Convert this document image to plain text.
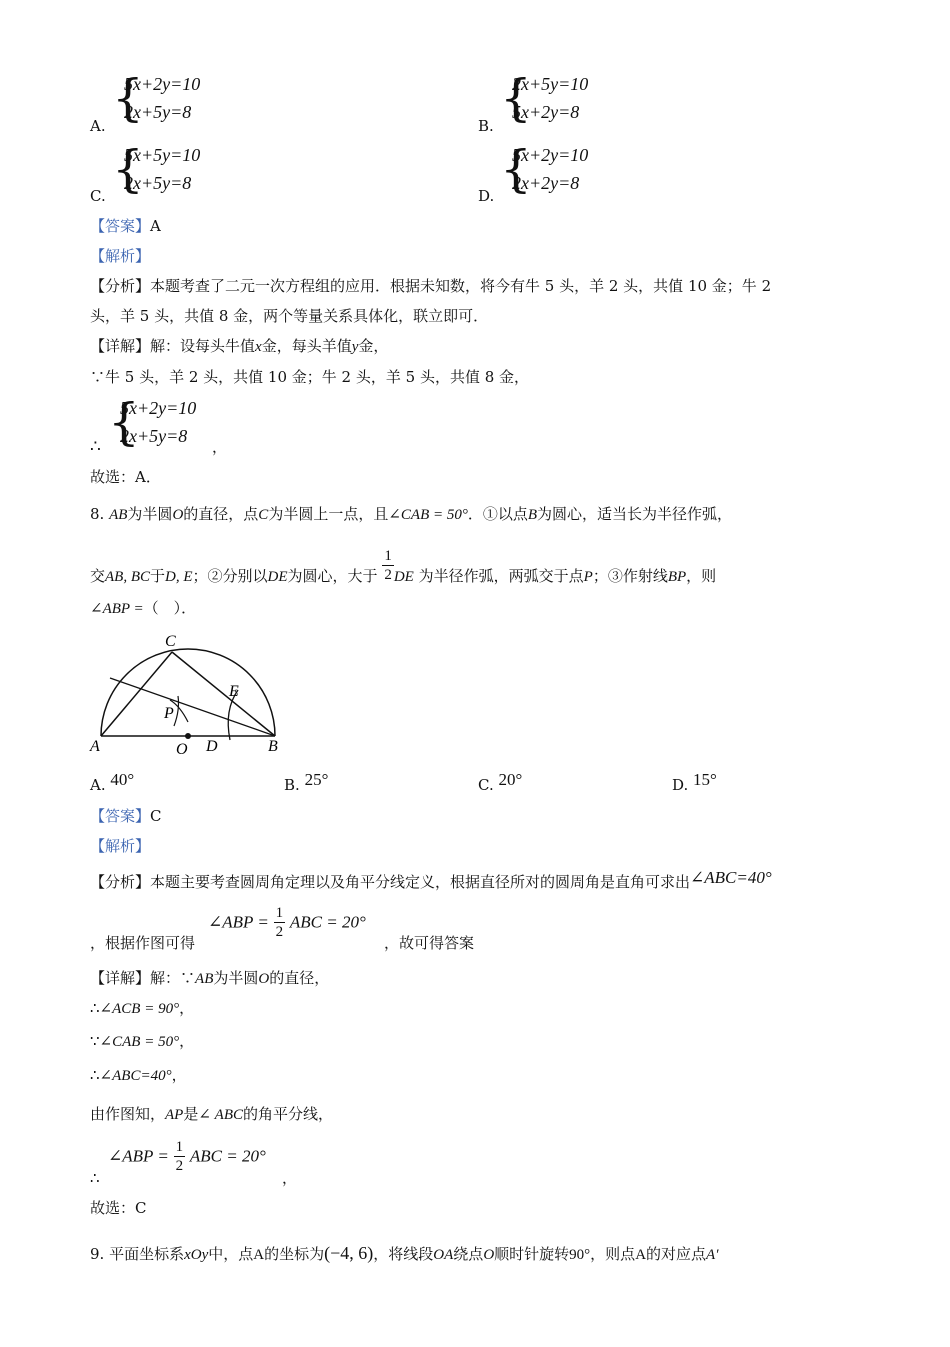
{
5x+2y=10
2x+5y=8
A.	{
2x+5y=10
5x+2y=8
B.
{
5x+5y=10
2x+5y=8
C.	{
5x+2y=10
2x+2y=8
D.
【答案】A
【解析】
【分析】本题考查了二元一次方程组的应用．根据未知数，将今有牛 5 头，羊 2 头，共值 10 金；牛 2
头，羊 5 头，共值 8 金，两个等量关系具体化，联立即可．
【详解】解：设每头牛值x金，每头羊值y金，
∵牛 5 头，羊 2 头，共值 10 金；牛 2 头，羊 5 头，共值 8 金，
∴ {
5x+2y=10
2x+5y=8
，
故选：A．
8. AB为半圆O的直径，点C为半圆上一点，且∠CAB = 50°．①以点B为圆心，适当长为半径作弧，
交AB, BC于D, E；②分别以DE为圆心，大于 $\frac{1}{2}$ DE 为半径作弧，两弧交于点P；③作射线BP，则
∠ABP =（　）．
C
E
P
A	O D	B
A. 40°	B. 25°	C. 20°	D. 15°
【答案】C
【解析】
【分析】本题主要考查圆周角定理以及角平分线定义，根据直径所对的圆周角是直角可求出∠ABC=40°
，根据作图可得
∠ABP = $\frac{1}{2}$ ABC = 20°
，故可得答案
【详解】解：∵AB为半圆O的直径，
∴∠ACB = 90°，
∵∠CAB = 50°，
∴∠ABC=40°，
由作图知，AP是∠ ABC的角平分线，
∴
∠ABP = $\frac{1}{2}$ ABC = 20°
，
故选：C
9. 平面坐标系xOy中，点A的坐标为(−4, 6)，将线段OA绕点O顺时针旋转90°，则点A的对应点A′
